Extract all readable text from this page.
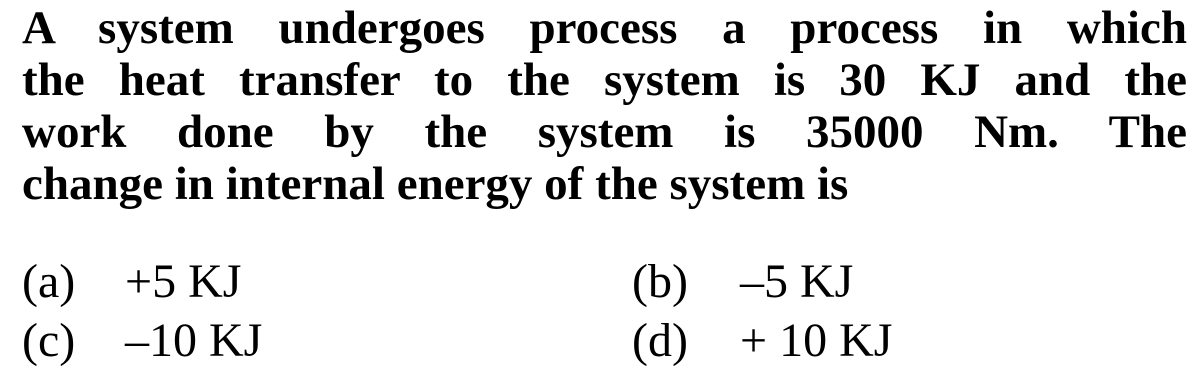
A system undergoes process a process in which
the heat transfer to the system is 30 KJ and the
work done by the system is 35000 Nm. The
change in internal energy of the system is
(a) +5 KJ	(b) –5 KJ
(c) –10 KJ	(d) + 10 KJ
